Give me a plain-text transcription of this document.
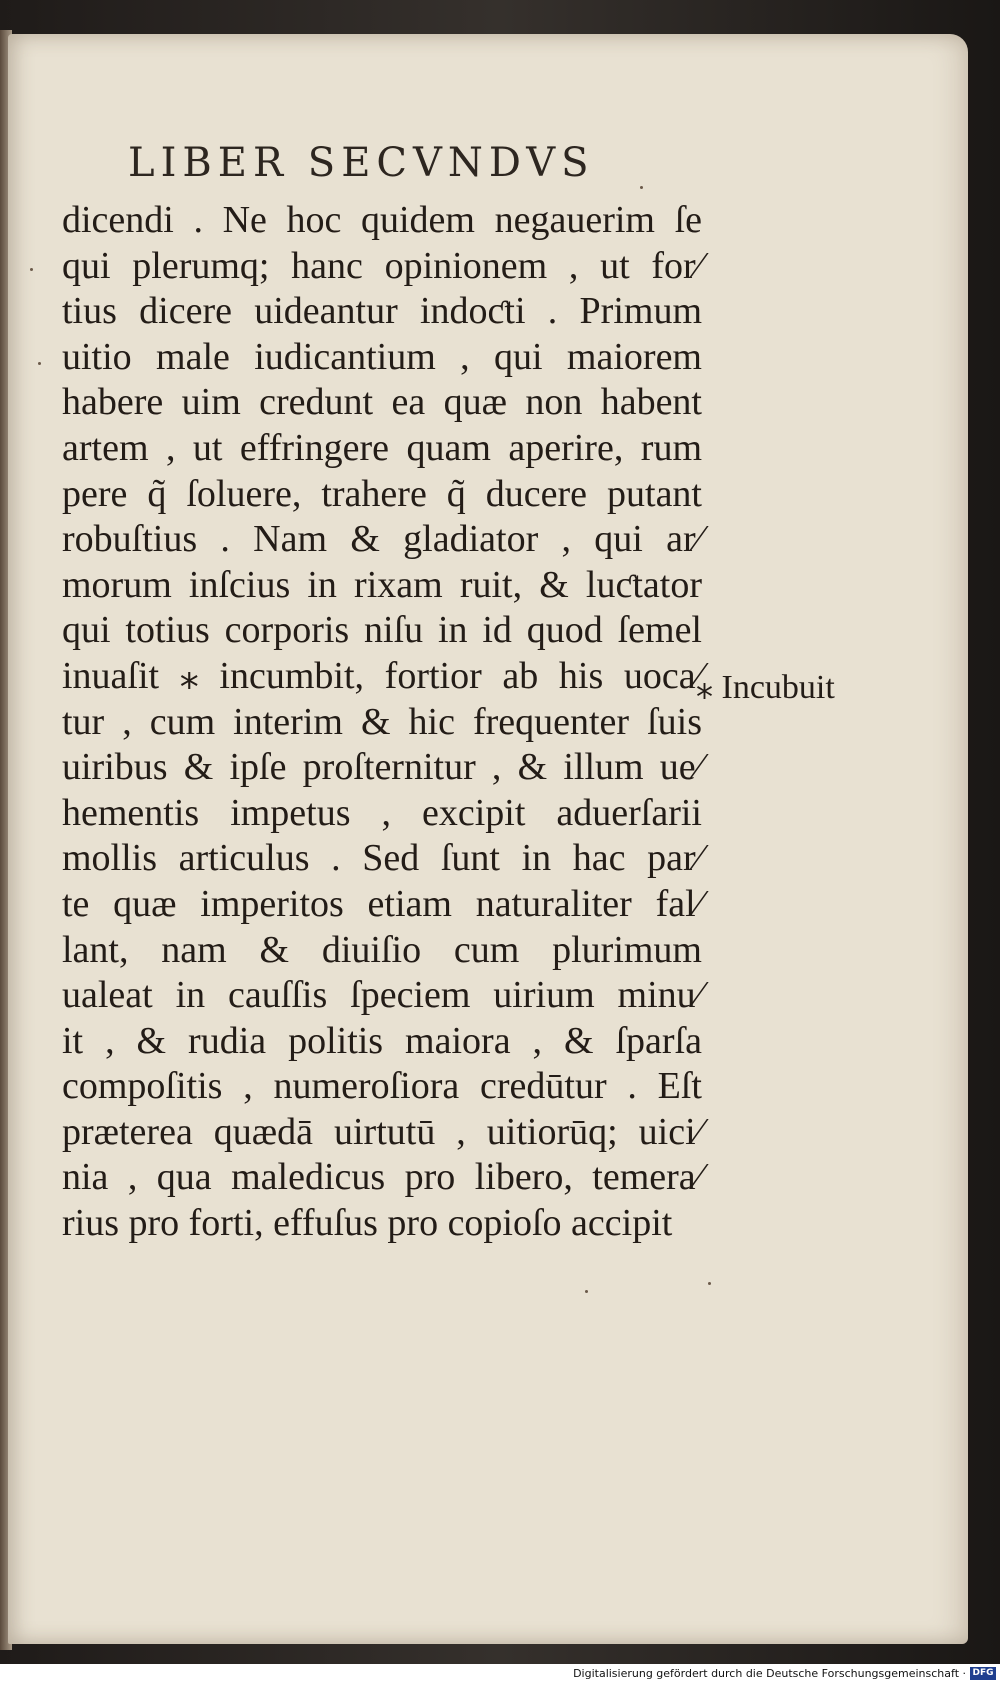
LIBER SECVNDVS
dicendi . Ne hoc quidem negauerim ſe
qui plerumq; hanc opinionem , ut for⁄
tius dicere uideantur indoƈti . Primum
uitio male iudicantium , qui maiorem
habere uim credunt ea quæ non habent
artem , ut effringere quam aperire, rum
pere q̃ ſoluere, trahere q̃ ducere putant
robuſtius . Nam & gladiator , qui ar⁄
morum inſcius in rixam ruit, & luƈtator
qui totius corporis niſu in id quod ſemel
inuaſit ⁎ incumbit, fortior ab his uoca⁄
tur , cum interim & hic frequenter ſuis
uiribus & ipſe proſternitur , & illum ue⁄
hementis impetus , excipit aduerſarii
mollis articulus . Sed ſunt in hac par⁄
te quæ imperitos etiam naturaliter fal⁄
lant, nam & diuiſio cum plurimum
ualeat in cauſſis ſpeciem uirium minu⁄
it , & rudia politis maiora , & ſparſa
compoſitis , numeroſiora credūtur . Eſt
præterea quædā uirtutū , uitiorūq; uici⁄
nia , qua maledicus pro libero, temera⁄
rius pro forti, effuſus pro copioſo accipit
⁎ Incubuit
Digitalisierung gefördert durch die Deutsche Forschungsgemeinschaft · DFG
